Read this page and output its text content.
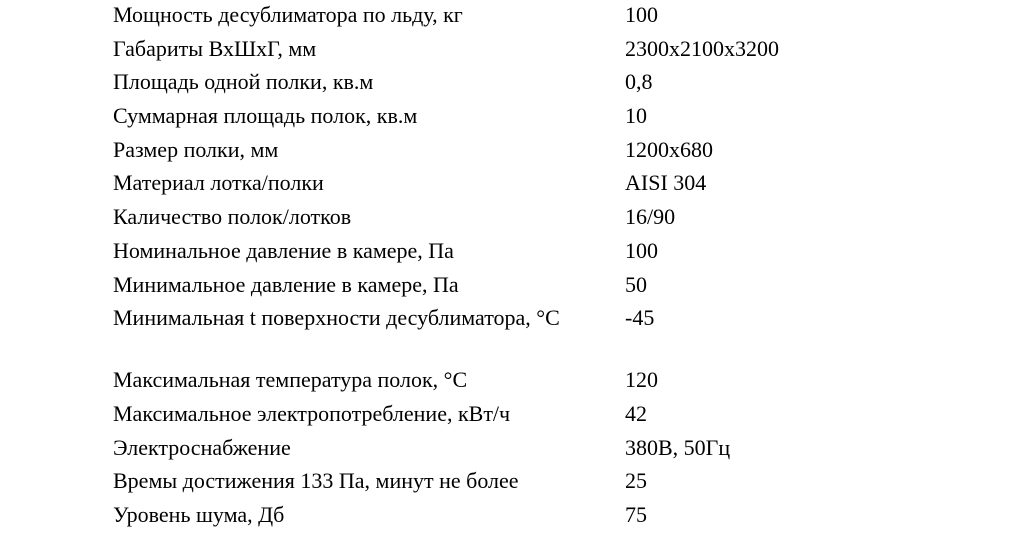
Мощность десублиматора по льду, кг	100
Габариты ВхШхГ, мм	2300х2100х3200
Площадь одной полки, кв.м	0,8
Суммарная площадь полок, кв.м	10
Размер полки, мм	1200х680
Материал лотка/полки	AISI 304
Каличество полок/лотков	16/90
Номинальное давление в камере, Па	100
Минимальное давление в камере, Па	50
Минимальная t поверхности десублиматора, °С	-45
Максимальная температура полок, °С	120
Максимальное электропотребление, кВт/ч	42
Электроснабжение	380В, 50Гц
Времы достижения 133 Па, минут не более	25
Уровень шума, Дб	75
